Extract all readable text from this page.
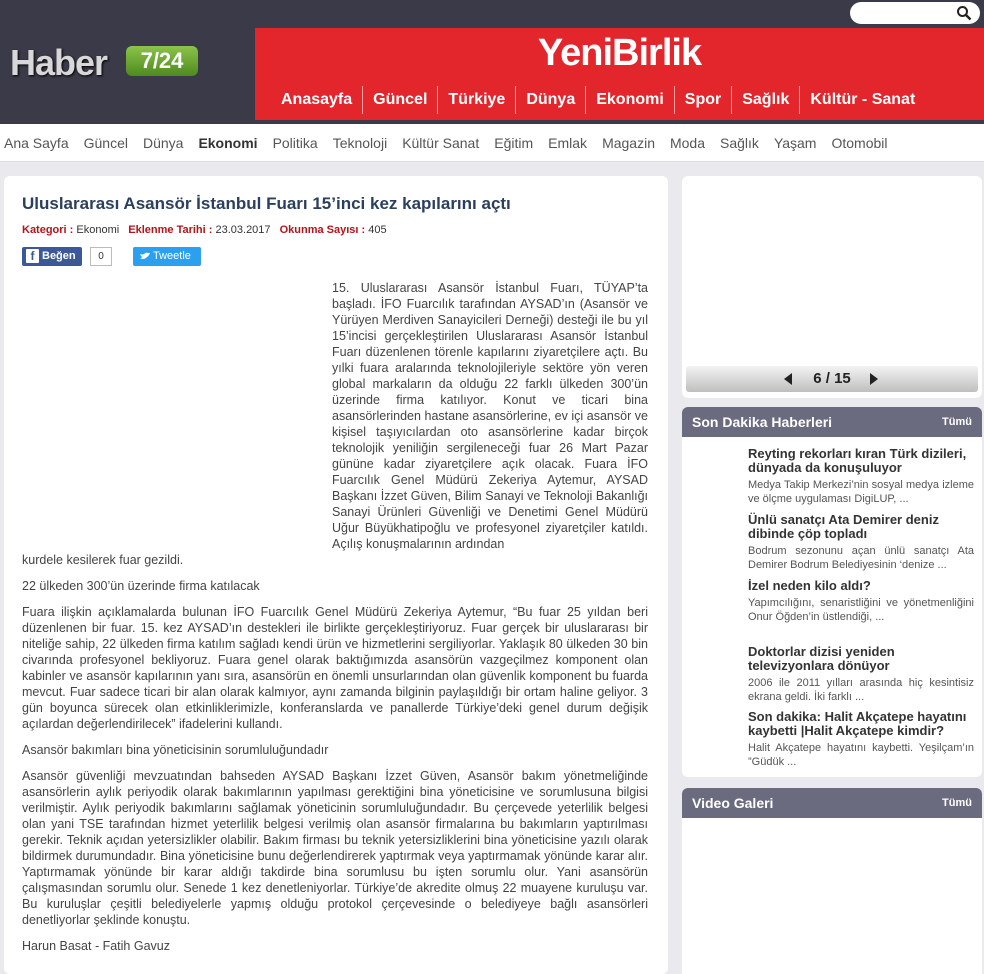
Haber	7/24	YeniBirlik
Anasayfa	Güncel	Türkiye	Dünya	Ekonomi	Spor	Sağlık	Kültür - Sanat
Ana Sayfa Güncel Dünya Ekonomi Politika Teknoloji Kültür Sanat Eğitim Emlak Magazin Moda Sağlık Yaşam Otomobil
Uluslararası Asansör İstanbul Fuarı 15’inci kez kapılarını açtı
Kategori : Ekonomi Eklenme Tarihi : 23.03.2017 Okunma Sayısı : 405
f Beğen	0	Tweetle

15. Uluslararası Asansör İstanbul Fuarı, TÜYAP’ta başladı. İFO Fuarcılık tarafından AYSAD’ın (Asansör ve Yürüyen Merdiven Sanayicileri Derneği) desteği ile bu yıl 15’incisi gerçekleştirilen Uluslararası Asansör İstanbul Fuarı düzenlenen törenle kapılarını ziyaretçilere açtı. Bu yılki fuara aralarında teknolojileriyle sektöre yön veren global markaların da olduğu 22 farklı ülkeden 300’ün üzerinde firma katılıyor. Konut ve ticari bina asansörlerinden hastane asansörlerine, ev içi asansör ve kişisel taşıyıcılardan oto asansörlerine kadar birçok teknolojik yeniliğin sergileneceği fuar 26 Mart Pazar gününe kadar ziyaretçilere açık olacak. Fuara İFO Fuarcılık Genel Müdürü Zekeriya Aytemur, AYSAD Başkanı İzzet Güven, Bilim Sanayi ve Teknoloji Bakanlığı Sanayi Ürünleri Güvenliği ve Denetimi Genel Müdürü Uğur Büyükhatipoğlu ve profesyonel ziyaretçiler katıldı. Açılış konuşmalarının ardından

kurdele kesilerek fuar gezildi.

22 ülkeden 300’ün üzerinde firma katılacak

Fuara ilişkin açıklamalarda bulunan İFO Fuarcılık Genel Müdürü Zekeriya Aytemur, “Bu fuar 25 yıldan beri düzenlenen bir fuar. 15. kez AYSAD’ın destekleri ile birlikte gerçekleştiriyoruz. Fuar gerçek bir uluslararası bir niteliğe sahip, 22 ülkeden firma katılım sağladı kendi ürün ve hizmetlerini sergiliyorlar. Yaklaşık 80 ülkeden 30 bin civarında profesyonel bekliyoruz. Fuara genel olarak baktığımızda asansörün vazgeçilmez komponent olan kabinler ve asansör kapılarının yanı sıra, asansörün en önemli unsurlarından olan güvenlik komponent bu fuarda mevcut. Fuar sadece ticari bir alan olarak kalmıyor, aynı zamanda bilginin paylaşıldığı bir ortam haline geliyor. 3 gün boyunca sürecek olan etkinliklerimizle, konferanslarda ve panallerde Türkiye’deki genel durum değişik açılardan değerlendirilecek” ifadelerini kullandı.

Asansör bakımları bina yöneticisinin sorumluluğundadır

Asansör güvenliği mevzuatından bahseden AYSAD Başkanı İzzet Güven, Asansör bakım yönetmeliğinde asansörlerin aylık periyodik olarak bakımlarının yapılması gerektiğini bina yöneticisine ve sorumlusuna bilgisi verilmiştir. Aylık periyodik bakımlarını sağlamak yöneticinin sorumluluğundadır. Bu çerçevede yeterlilik belgesi olan yani TSE tarafından hizmet yeterlilik belgesi verilmiş olan asansör firmalarına bu bakımların yaptırılması gerekir. Teknik açıdan yetersizlikler olabilir. Bakım firması bu teknik yetersizliklerini bina yöneticisine yazılı olarak bildirmek durumundadır. Bina yöneticisine bunu değerlendirerek yaptırmak veya yaptırmamak yönünde karar alır. Yaptırmamak yönünde bir karar aldığı takdirde bina sorumlusu bu işten sorumlu olur. Yani asansörün çalışmasından sorumlu olur. Senede 1 kez denetleniyorlar. Türkiye’de akredite olmuş 22 muayene kuruluşu var. Bu kuruluşlar çeşitli belediyelerle yapmış olduğu protokol çerçevesinde o belediyeye bağlı asansörleri denetliyorlar şeklinde konuştu.

Harun Basat - Fatih Gavuz

6 / 15
Son Dakika Haberleri	Tümü
Reyting rekorları kıran Türk dizileri, dünyada da konuşuluyor
Medya Takip Merkezi’nin sosyal medya izleme ve ölçme uygulaması DigiLUP, ...
Ünlü sanatçı Ata Demirer deniz dibinde çöp topladı
Bodrum sezonunu açan ünlü sanatçı Ata Demirer Bodrum Belediyesinin ‘denize ...
İzel neden kilo aldı?
Yapımcılığını, senaristliğini ve yönetmenliğini Onur Öğden’in üstlendiği, ...
Doktorlar dizisi yeniden televizyonlara dönüyor
2006 ile 2011 yılları arasında hiç kesintisiz ekrana geldi. İki farklı ...
Son dakika: Halit Akçatepe hayatını kaybetti |Halit Akçatepe kimdir?
Halit Akçatepe hayatını kaybetti. Yeşilçam’ın ”Güdük ...
Video Galeri	Tümü
